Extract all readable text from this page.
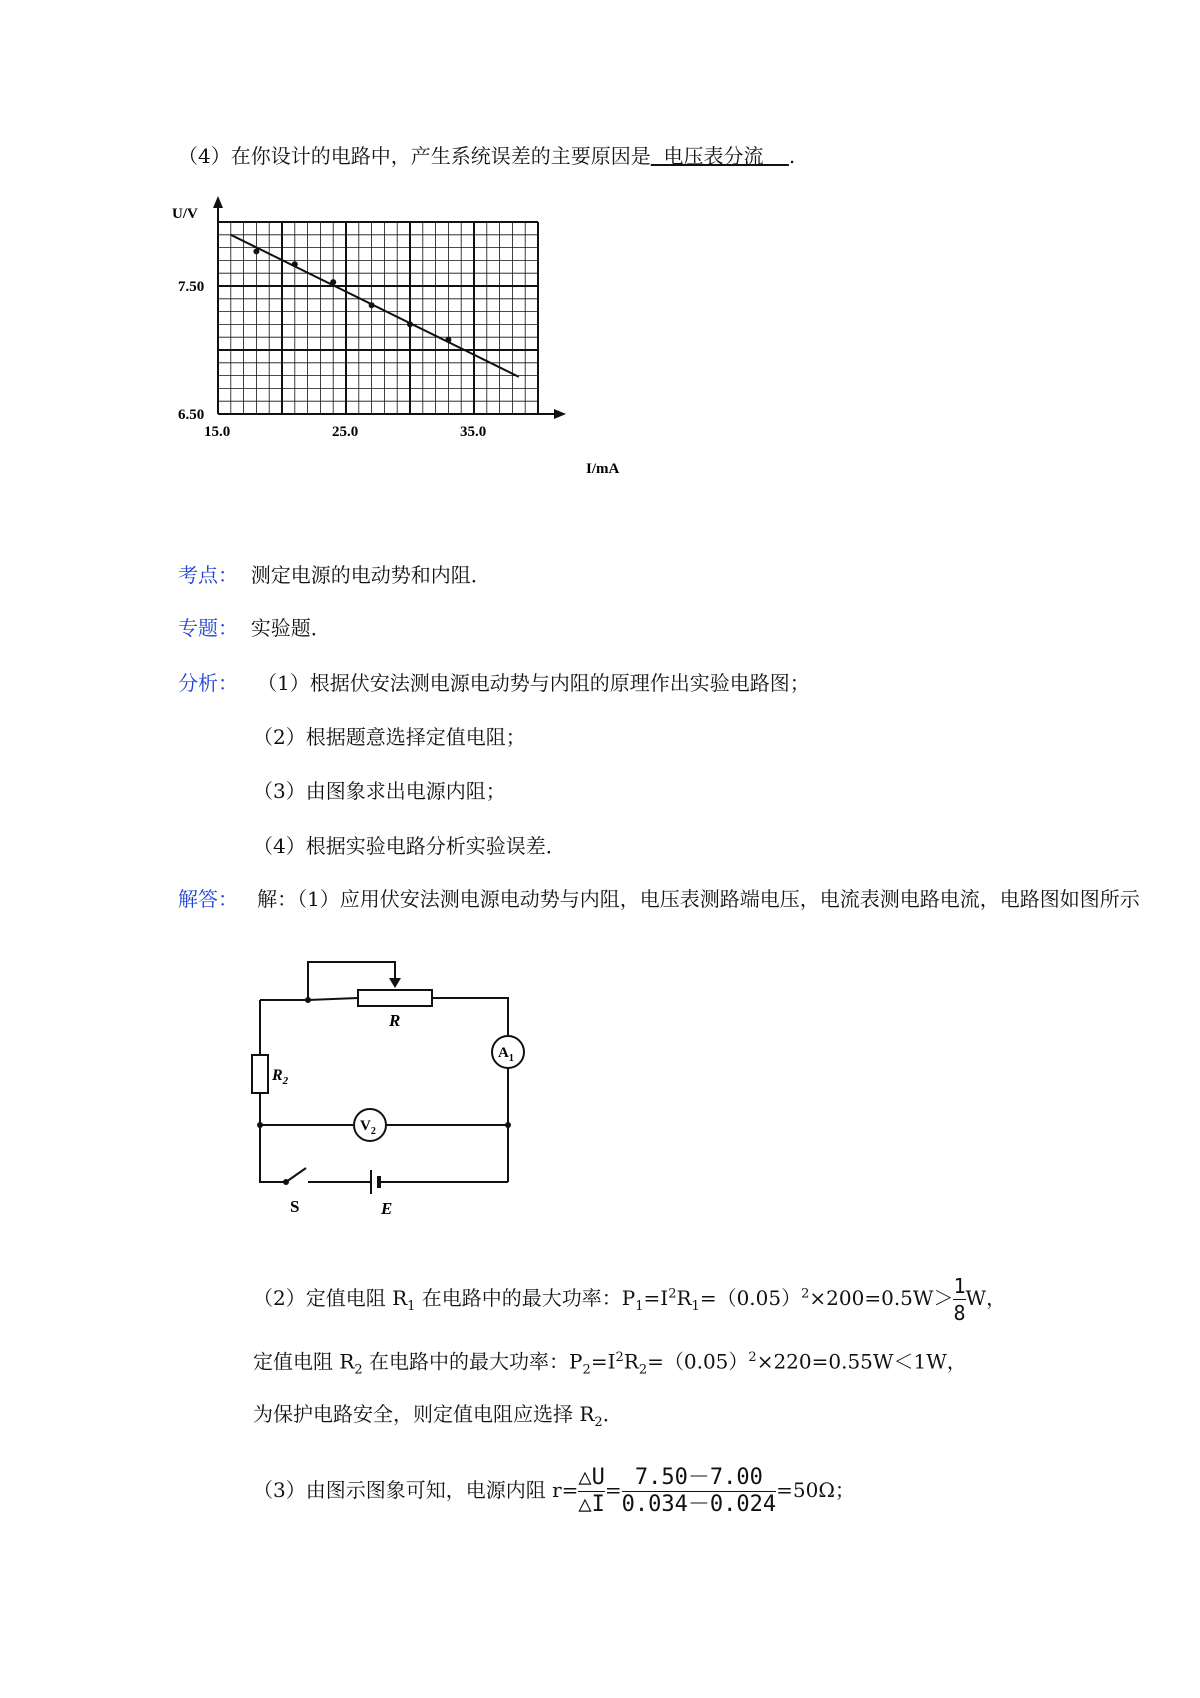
（4）在你设计的电路中，产生系统误差的主要原因是 电压表分流 .
U/V
I/mA
15.0	25.0	35.0
6.50
7.50
考点： 测定电源的电动势和内阻．
专题： 实验题．
分析： （1）根据伏安法测电源电动势与内阻的原理作出实验电路图；
（2）根据题意选择定值电阻；
（3）由图象求出电源内阻；
（4）根据实验电路分析实验误差．
解答： 解：（1）应用伏安法测电源电动势与内阻，电压表测路端电压，电流表测电路电流，电路图如图所示
R
$R_2$
$A_1$
$V_2$
S	E
（2）定值电阻 $R_1$ 在电路中的最大功率：$P_1=I^2R_1=(0.05)^2\times 200=0.5W> \frac{1}{8}$ W，
定值电阻 $R_2$ 在电路中的最大功率：$P_2=I^2R_2=(0.05)^2\times 220=0.55W<1W$，
为保护电路安全，则定值电阻应选择 $R_2$．
（3）由图示图象可知，电源内阻 $r= \frac{\triangle U}{\triangle I} = \frac{7.50-7.00}{0.034-0.024} =50\Omega$；
